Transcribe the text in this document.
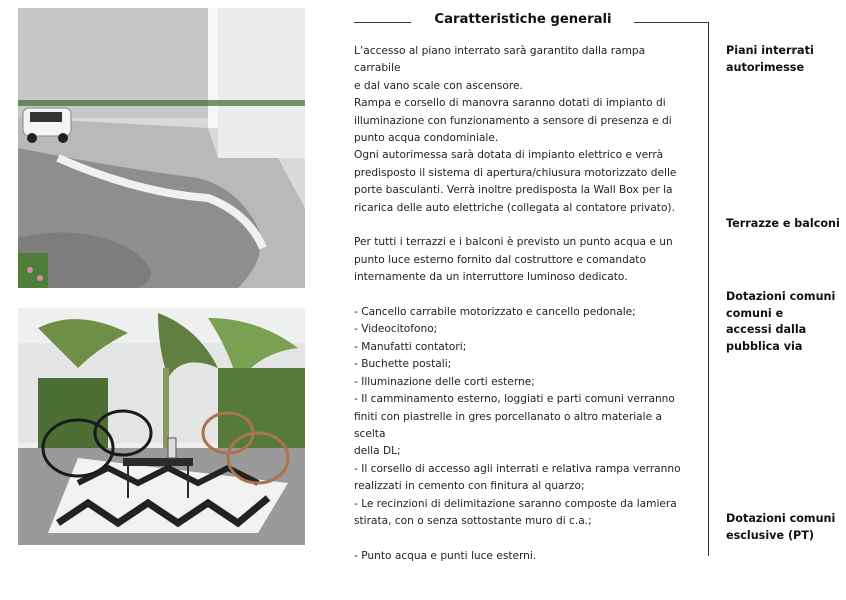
Caratteristiche generali

L’accesso al piano interrato sarà garantito dalla rampa carrabile

e dal vano scale con ascensore.

Rampa e corsello di manovra saranno dotati di impianto di

illuminazione con funzionamento a sensore di presenza e di

punto acqua condominiale.

Ogni autorimessa sarà dotata di impianto elettrico e verrà

predisposto il sistema di apertura/chiusura motorizzato delle

porte basculanti. Verrà inoltre predisposta la Wall Box per la

ricarica delle auto elettriche (collegata al contatore privato).

Per tutti i terrazzi e i balconi è previsto un punto acqua e un

punto luce esterno fornito dal costruttore e comandato

internamente da un interruttore luminoso dedicato.

- Cancello carrabile motorizzato e cancello pedonale;

- Videocitofono;

- Manufatti contatori;

- Buchette postali;

- Illuminazione delle corti esterne;

- Il camminamento esterno, loggiati e parti comuni verranno

finiti con piastrelle in gres porcellanato o altro materiale a scelta

della DL;

- Il corsello di accesso agli interrati e relativa rampa verranno

realizzati in cemento con finitura al quarzo;

- Le recinzioni di delimitazione saranno composte da lamiera

stirata, con o senza sottostante muro di c.a.;

- Punto acqua e punti luce esterni.

Piani interrati
autorimesse
Terrazze e balconi
Dotazioni comuni
comuni e
accessi dalla
pubblica via
Dotazioni comuni
esclusive (PT)
